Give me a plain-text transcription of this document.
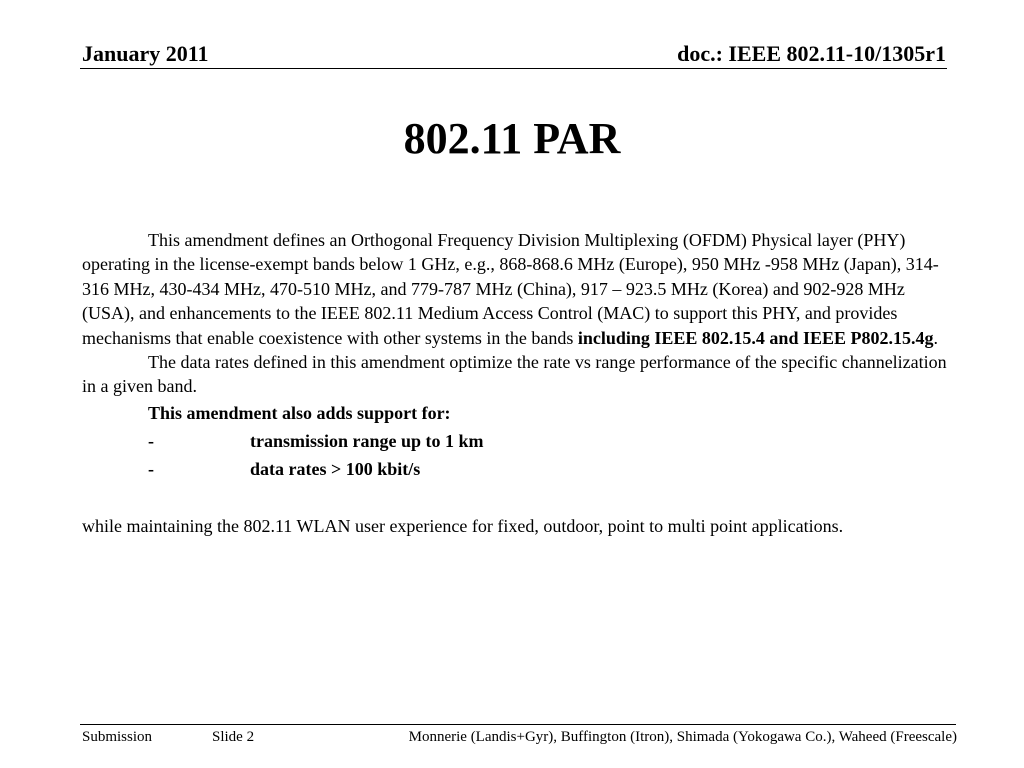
January 2011	doc.: IEEE 802.11-10/1305r1
802.11 PAR

This amendment defines an Orthogonal Frequency Division Multiplexing (OFDM) Physical layer (PHY) operating in the license-exempt bands below 1 GHz, e.g., 868-868.6 MHz (Europe), 950 MHz -958 MHz (Japan), 314-316 MHz, 430-434 MHz, 470-510 MHz, and 779-787 MHz (China), 917 – 923.5 MHz (Korea) and 902-928 MHz (USA), and enhancements to the IEEE 802.11 Medium Access Control (MAC) to support this PHY, and provides mechanisms that enable coexistence with other systems in the bands including IEEE 802.15.4 and IEEE P802.15.4g.

The data rates defined in this amendment optimize the rate vs range performance of the specific channelization in a given band.

This amendment also adds support for:

-	transmission range up to 1 km

-	data rates > 100 kbit/s

while maintaining the 802.11 WLAN user experience for fixed, outdoor, point to multi point applications.

Submission	Slide 2	Monnerie (Landis+Gyr), Buffington (Itron), Shimada (Yokogawa Co.), Waheed (Freescale)
